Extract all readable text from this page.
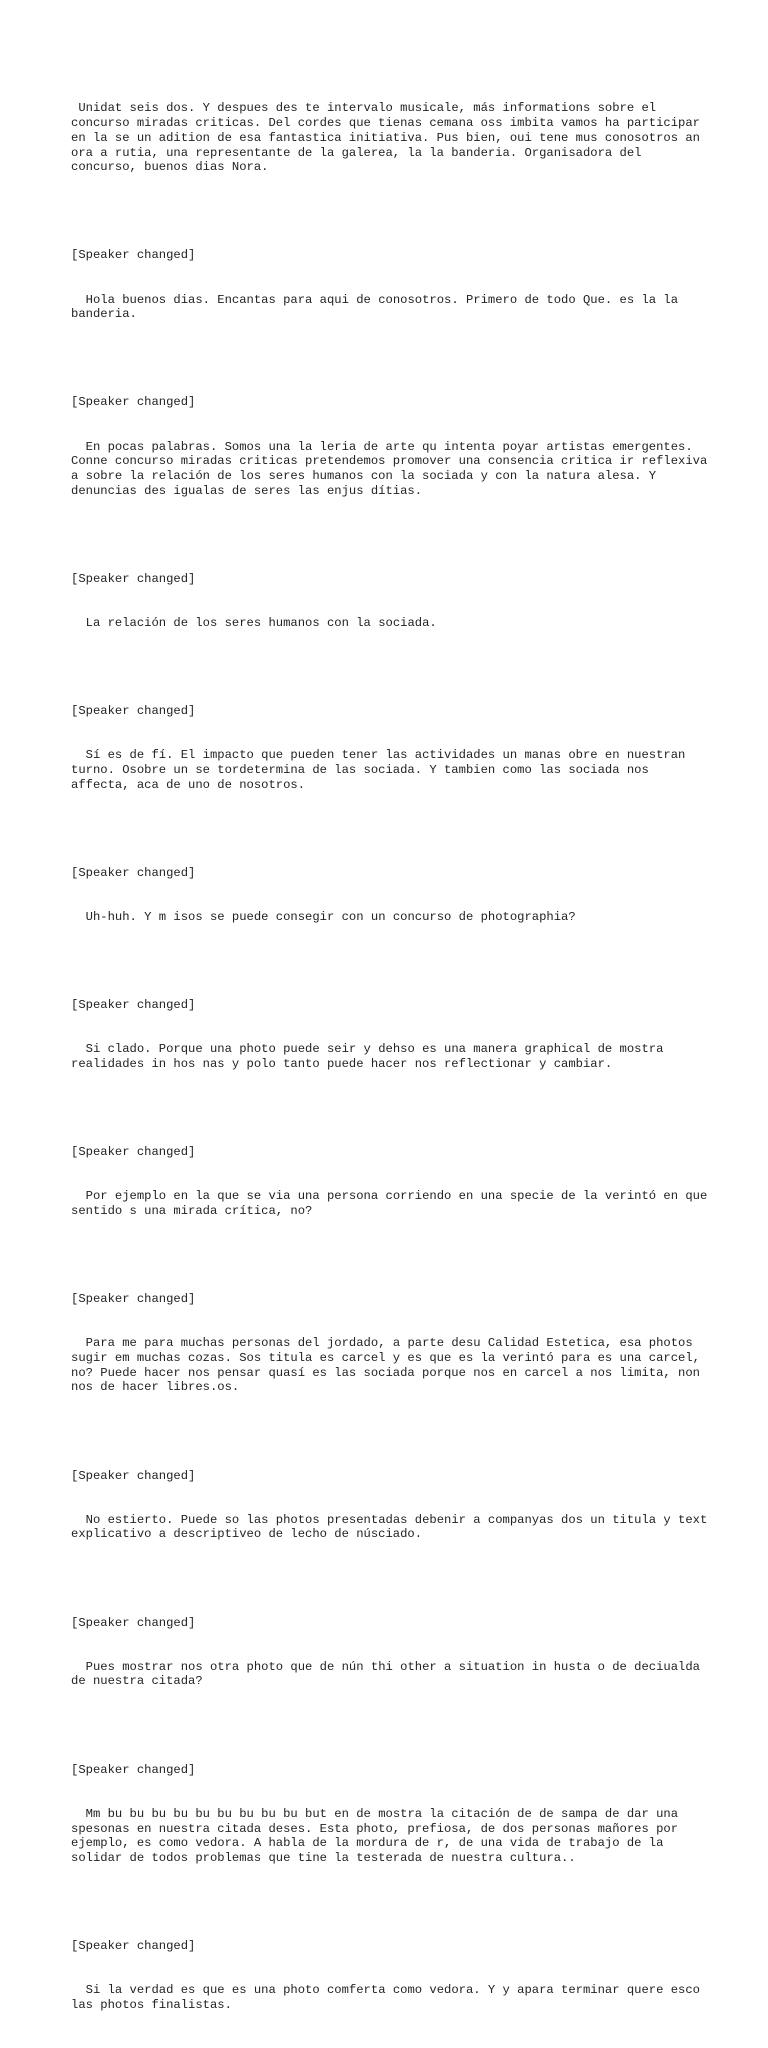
Unidat seis dos. Y despues des te intervalo musicale, más informations sobre el concurso miradas criticas. Del cordes que tienas cemana oss imbita vamos ha participar en la se un adition de esa fantastica initiativa. Pus bien, oui tene mus conosotros an ora a rutia, una representante de la galerea, la la banderia. Organisadora del concurso, buenos dias Nora.

[Speaker changed]

Hola buenos dias. Encantas para aqui de conosotros. Primero de todo Que. es la la banderia.

[Speaker changed]

En pocas palabras. Somos una la leria de arte qu intenta poyar artistas emergentes. Conne concurso miradas criticas pretendemos promover una consencia critica ir reflexiva a sobre la relación de los seres humanos con la sociada y con la natura alesa. Y denuncias des igualas de seres las enjus dítias.

[Speaker changed]

La relación de los seres humanos con la sociada.

[Speaker changed]

Sí es de fí. El impacto que pueden tener las actividades un manas obre en nuestran turno. Osobre un se tordetermina de las sociada. Y tambien como las sociada nos affecta, aca de uno de nosotros.

[Speaker changed]

Uh-huh. Y m isos se puede consegir con un concurso de photographia?

[Speaker changed]

Si clado. Porque una photo puede seir y dehso es una manera graphical de mostra realidades in hos nas y polo tanto puede hacer nos reflectionar y cambiar.

[Speaker changed]

Por ejemplo en la que se via una persona corriendo en una specie de la verintó en que sentido s una mirada crítica, no?

[Speaker changed]

Para me para muchas personas del jordado, a parte desu Calidad Estetica, esa photos sugir em muchas cozas. Sos titula es carcel y es que es la verintó para es una carcel, no? Puede hacer nos pensar quasí es las sociada porque nos en carcel a nos limita, non nos de hacer libres.os.

[Speaker changed]

No estierto. Puede so las photos presentadas debenir a companyas dos un titula y text explicativo a descriptiveo de lecho de núsciado.

[Speaker changed]

Pues mostrar nos otra photo que de nún thi other a situation in husta o de deciualda de nuestra citada?

[Speaker changed]

Mm bu bu bu bu bu bu bu bu bu but en de mostra la citación de de sampa de dar una spesonas en nuestra citada deses. Esta photo, prefiosa, de dos personas mañores por ejemplo, es como vedora. A habla de la mordura de r, de una vida de trabajo de la solidar de todos problemas que tine la testerada de nuestra cultura..

[Speaker changed]

Si la verdad es que es una photo comferta como vedora. Y y apara terminar quere esco las photos finalistas.
